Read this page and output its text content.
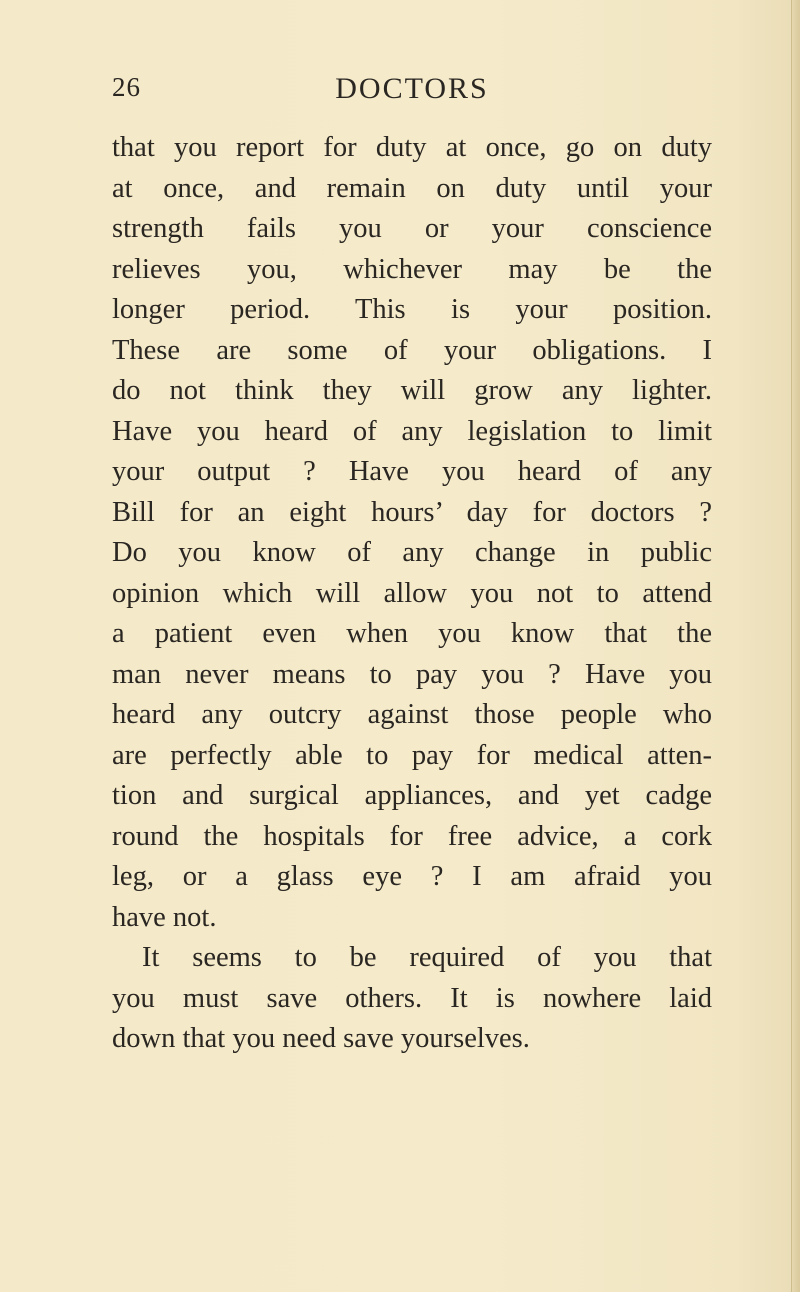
26	DOCTORS
that you report for duty at once, go on duty
at once, and remain on duty until your
strength fails you or your conscience
relieves you, whichever may be the
longer period. This is your position.
These are some of your obligations. I
do not think they will grow any lighter.
Have you heard of any legislation to limit
your output ? Have you heard of any
Bill for an eight hours’ day for doctors ?
Do you know of any change in public
opinion which will allow you not to attend
a patient even when you know that the
man never means to pay you ? Have you
heard any outcry against those people who
are perfectly able to pay for medical atten-
tion and surgical appliances, and yet cadge
round the hospitals for free advice, a cork
leg, or a glass eye ? I am afraid you
have not.
It seems to be required of you that
you must save others. It is nowhere laid
down that you need save yourselves.
